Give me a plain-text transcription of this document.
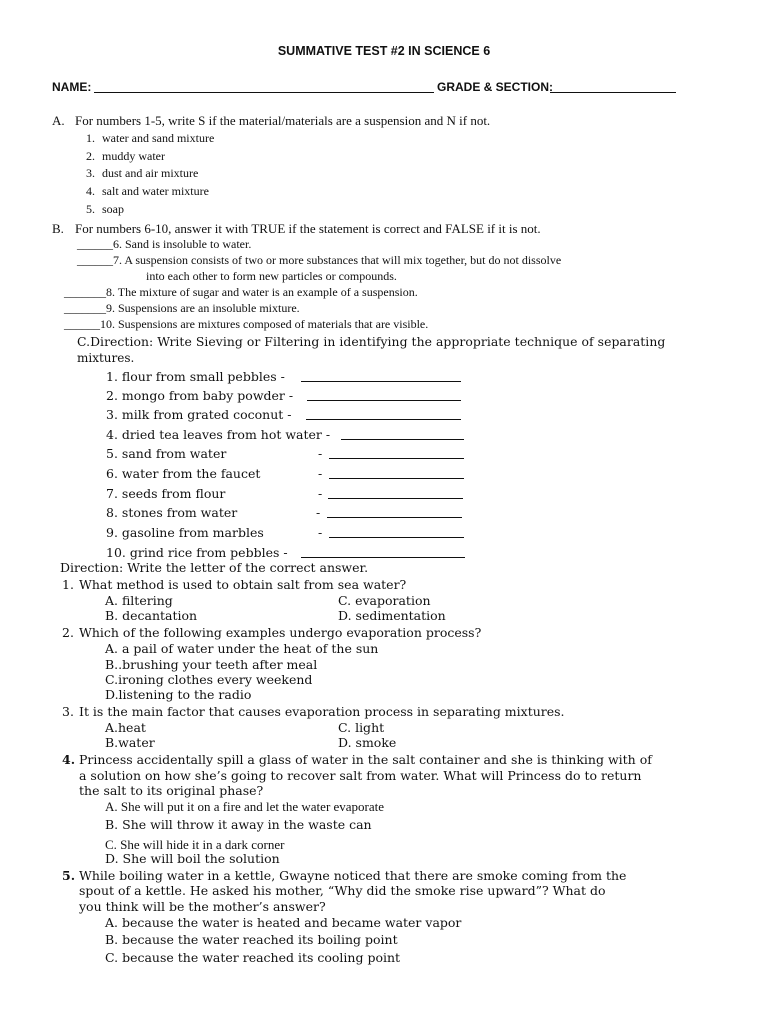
SUMMATIVE TEST #2 IN SCIENCE 6
NAME:	GRADE & SECTION:
A. For numbers 1-5, write S if the material/materials are a suspension and N if not.
1. water and sand mixture
2. muddy water
3. dust and air mixture
4. salt and water mixture
5. soap
B. For numbers 6-10, answer it with TRUE if the statement is correct and FALSE if it is not.
______6. Sand is insoluble to water.
______7. A suspension consists of two or more substances that will mix together, but do not dissolve
into each other to form new particles or compounds.
_______8. The mixture of sugar and water is an example of a suspension.
_______9. Suspensions are an insoluble mixture.
______10. Suspensions are mixtures composed of materials that are visible.
C.Direction: Write Sieving or Filtering in identifying the appropriate technique of separating
mixtures.
1. flour from small pebbles -
2. mongo from baby powder -
3. milk from grated coconut -
4. dried tea leaves from hot water -
5. sand from water	-
6. water from the faucet	-
7. seeds from flour	-
8. stones from water	-
9. gasoline from marbles	-
10. grind rice from pebbles -
Direction: Write the letter of the correct answer.
1. What method is used to obtain salt from sea water?
A. filtering	C. evaporation
B. decantation	D. sedimentation
2. Which of the following examples undergo evaporation process?
A. a pail of water under the heat of the sun
B..brushing your teeth after meal
C.ironing clothes every weekend
D.listening to the radio
3. It is the main factor that causes evaporation process in separating mixtures.
A.heat	C. light
B.water	D. smoke
4. Princess accidentally spill a glass of water in the salt container and she is thinking with of
a solution on how she’s going to recover salt from water. What will Princess do to return
the salt to its original phase?
A. She will put it on a fire and let the water evaporate
B. She will throw it away in the waste can
C. She will hide it in a dark corner
D. She will boil the solution
5. While boiling water in a kettle, Gwayne noticed that there are smoke coming from the
spout of a kettle. He asked his mother, “Why did the smoke rise upward”? What do
you think will be the mother’s answer?
A. because the water is heated and became water vapor
B. because the water reached its boiling point
C. because the water reached its cooling point
